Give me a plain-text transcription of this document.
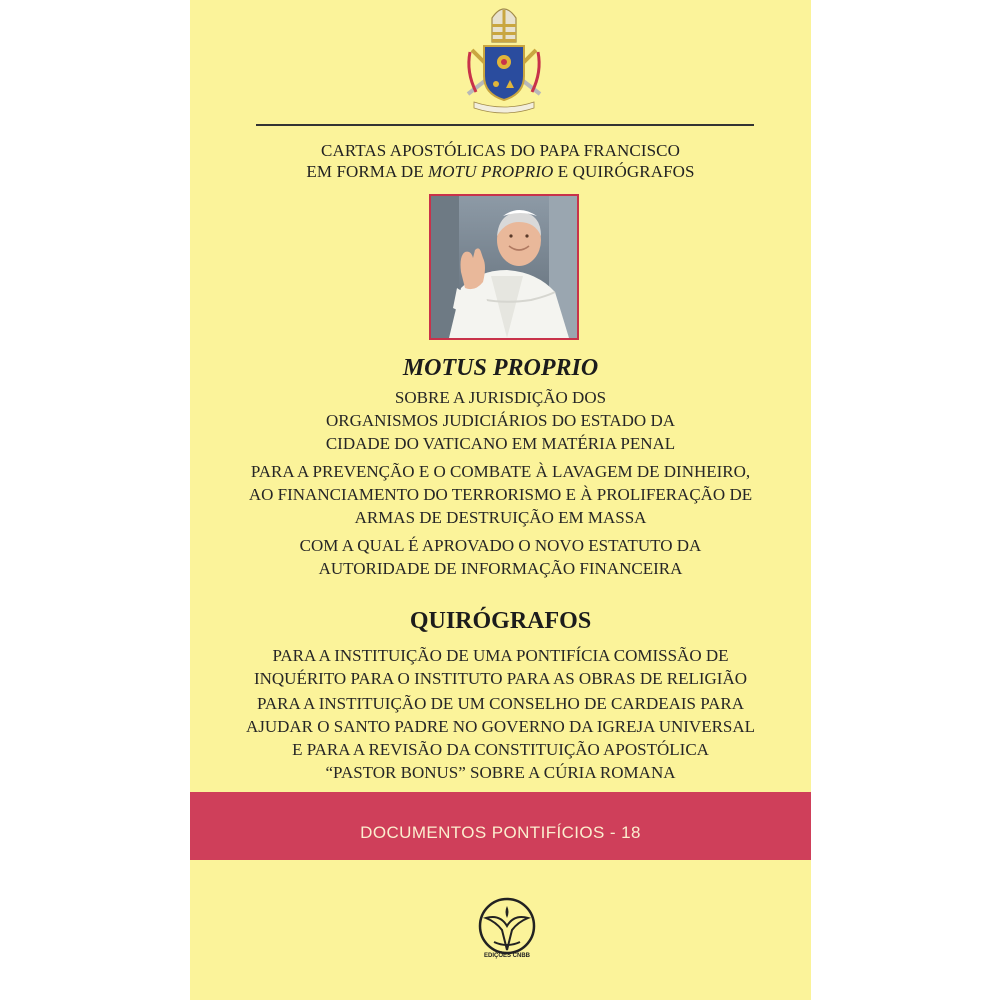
CARTAS APOSTÓLICAS DO PAPA FRANCISCO
EM FORMA DE MOTU PROPRIO E QUIRÓGRAFOS
MOTUS PROPRIO
SOBRE A JURISDIÇÃO DOS
ORGANISMOS JUDICIÁRIOS DO ESTADO DA
CIDADE DO VATICANO EM MATÉRIA PENAL
PARA A PREVENÇÃO E O COMBATE À LAVAGEM DE DINHEIRO,
AO FINANCIAMENTO DO TERRORISMO E À PROLIFERAÇÃO DE
ARMAS DE DESTRUIÇÃO EM MASSA
COM A QUAL É APROVADO O NOVO ESTATUTO DA
AUTORIDADE DE INFORMAÇÃO FINANCEIRA
QUIRÓGRAFOS
PARA A INSTITUIÇÃO DE UMA PONTIFÍCIA COMISSÃO DE
INQUÉRITO PARA O INSTITUTO PARA AS OBRAS DE RELIGIÃO
PARA A INSTITUIÇÃO DE UM CONSELHO DE CARDEAIS PARA
AJUDAR O SANTO PADRE NO GOVERNO DA IGREJA UNIVERSAL
E PARA A REVISÃO DA CONSTITUIÇÃO APOSTÓLICA
“PASTOR BONUS” SOBRE A CÚRIA ROMANA
DOCUMENTOS PONTIFÍCIOS - 18
EDIÇÕES CNBB
